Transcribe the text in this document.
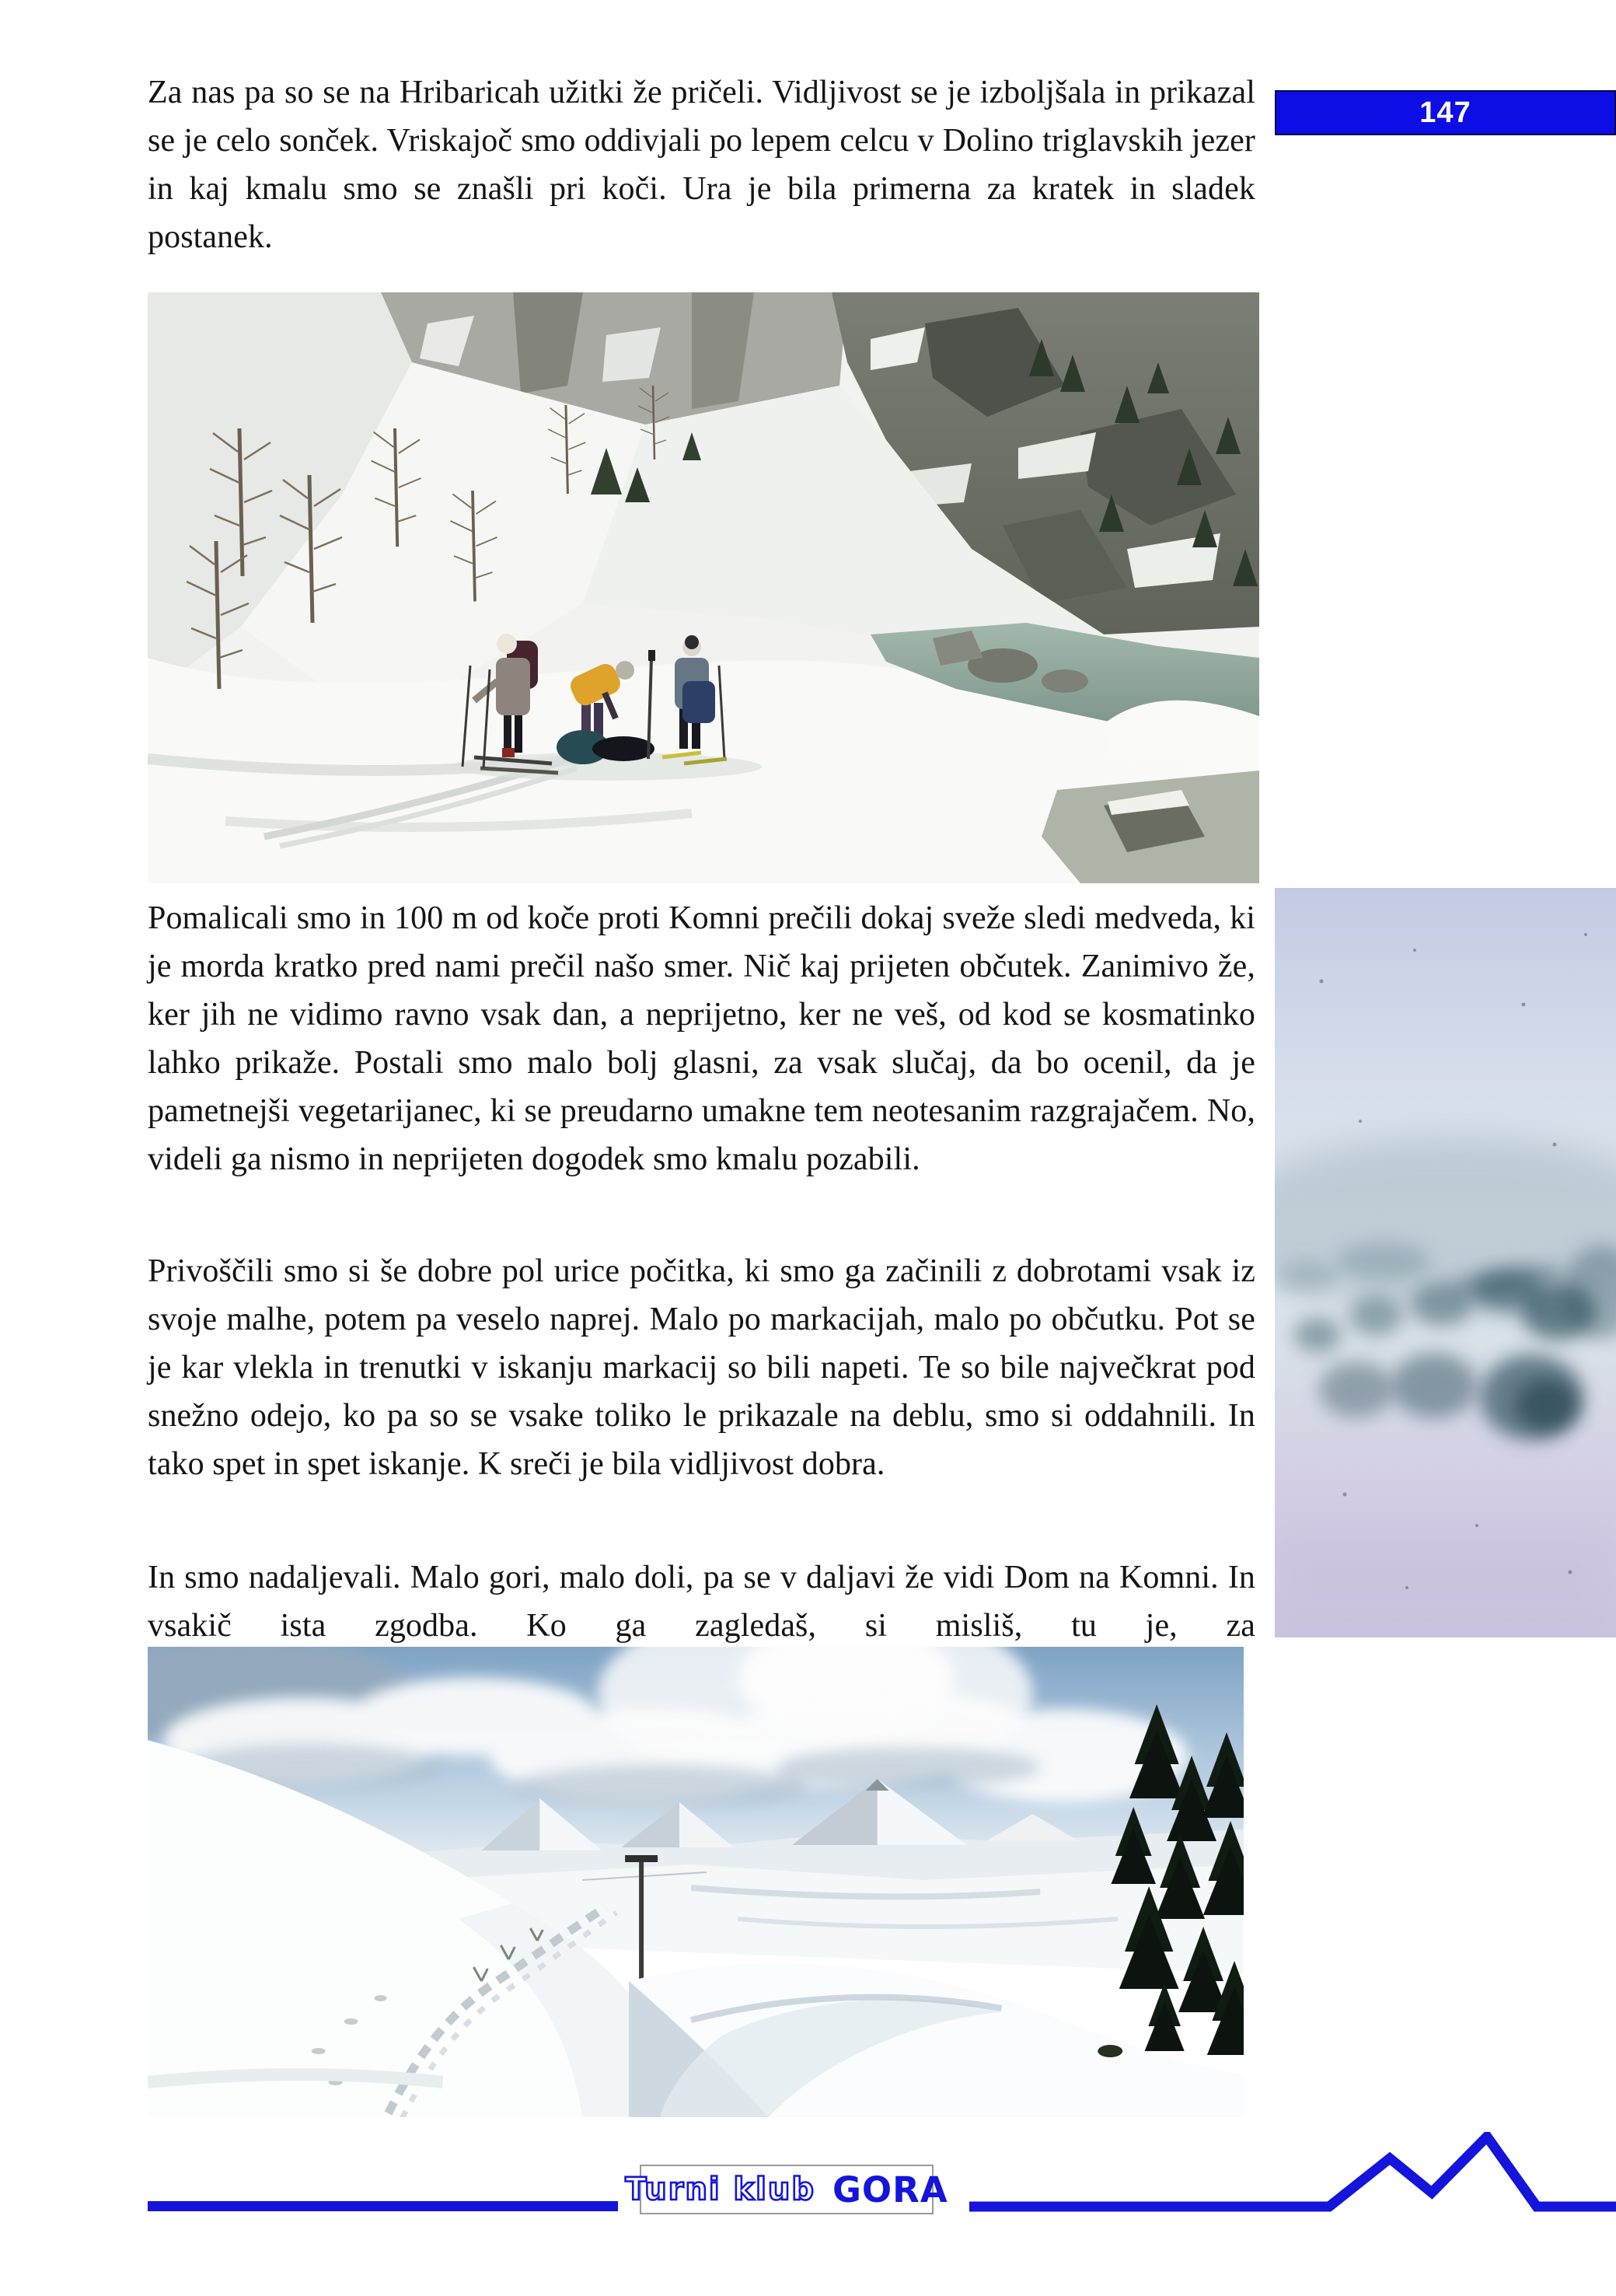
147

Za nas pa so se na Hribaricah užitki že pričeli. Vidljivost se je izboljšala in prikazal se je celo sonček. Vriskajoč smo oddivjali po lepem celcu v Dolino triglavskih jezer in kaj kmalu smo se znašli pri koči. Ura je bila primerna za kratek in sladek postanek.

Pomalicali smo in 100 m od koče proti Komni prečili dokaj sveže sledi medveda, ki je morda kratko pred nami prečil našo smer. Nič kaj prijeten občutek. Zanimivo že, ker jih ne vidimo ravno vsak dan, a neprijetno, ker ne veš, od kod se kosmatinko lahko prikaže. Postali smo malo bolj glasni, za vsak slučaj, da bo ocenil, da je pametnejši vegetarijanec, ki se preudarno umakne tem neotesanim razgrajačem. No, videli ga nismo in neprijeten dogodek smo kmalu pozabili.

Privoščili smo si še dobre pol urice počitka, ki smo ga začinili z dobrotami vsak iz svoje malhe, potem pa veselo naprej. Malo po markacijah, malo po občutku. Pot se je kar vlekla in trenutki v iskanju markacij so bili napeti. Te so bile največkrat pod snežno odejo, ko pa so se vsake toliko le prikazale na deblu, smo si oddahnili. In tako spet in spet iskanje. K sreči je bila vidljivost dobra.

In smo nadaljevali. Malo gori, malo doli, pa se v daljavi že vidi Dom na Komni. In vsakič ista zgodba. Ko ga zagledaš, si misliš, tu je, za

Turni klub GORA
